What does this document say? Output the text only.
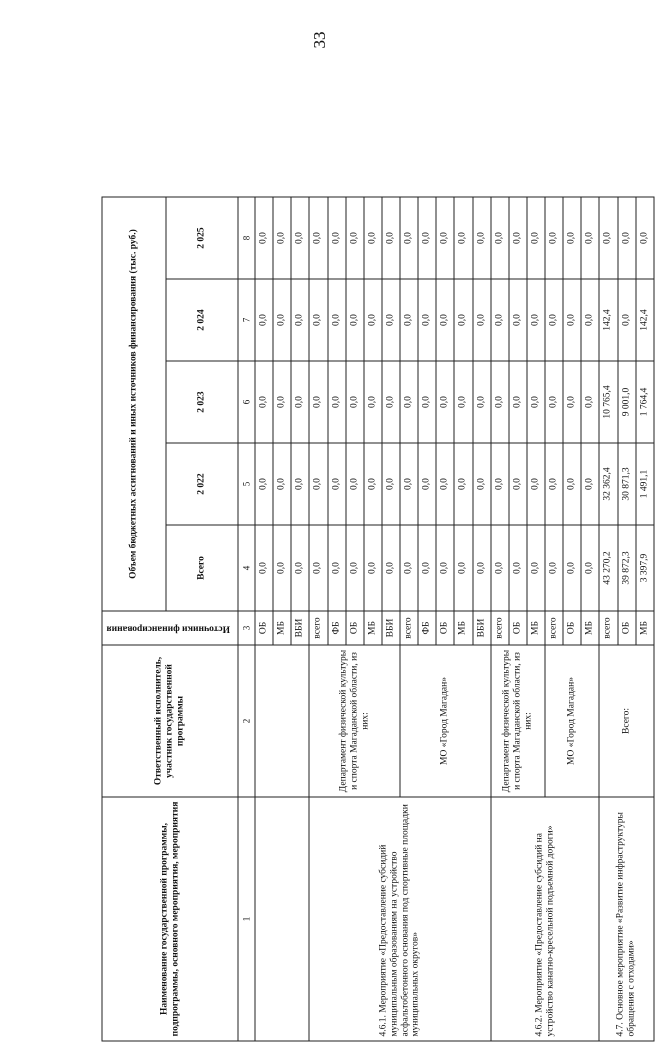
33
Наименование государственной программы, подпрограммы, основного мероприятия, мероприятия	Ответственный исполнитель, участник государственной программы	Источники финансирования	Объем бюджетных ассигнований и иных источников финансирования (тыс. руб.)				
			Всего	2 022	2 023	2 024	2 025
1	2	3	4	5	6	7	8
		ОБ	0,0	0,0	0,0	0,0	0,0
		МБ	0,0	0,0	0,0	0,0	0,0
		ВБИ	0,0	0,0	0,0	0,0	0,0
4.6.1. Мероприятие «Предоставление субсидий муниципальным образованиям на устройство асфальтобетонного основания под спортивные площадки муниципальных округов»	Департамент физической культуры и спорта Магаданской области, из них:	всего	0,0	0,0	0,0	0,0	0,0
		ФБ	0,0	0,0	0,0	0,0	0,0
		ОБ	0,0	0,0	0,0	0,0	0,0
		МБ	0,0	0,0	0,0	0,0	0,0
		ВБИ	0,0	0,0	0,0	0,0	0,0
	МО «Город Магадан»	всего	0,0	0,0	0,0	0,0	0,0
		ФБ	0,0	0,0	0,0	0,0	0,0
		ОБ	0,0	0,0	0,0	0,0	0,0
		МБ	0,0	0,0	0,0	0,0	0,0
		ВБИ	0,0	0,0	0,0	0,0	0,0
4.6.2. Мероприятие «Предоставление субсидий на устройство канатно-кресельной подъемной дороги»	Департамент физической культуры и спорта Магаданской области, из них:	всего	0,0	0,0	0,0	0,0	0,0
		ОБ	0,0	0,0	0,0	0,0	0,0
		МБ	0,0	0,0	0,0	0,0	0,0
	МО «Город Магадан»	всего	0,0	0,0	0,0	0,0	0,0
		ОБ	0,0	0,0	0,0	0,0	0,0
		МБ	0,0	0,0	0,0	0,0	0,0
4.7. Основное мероприятие «Развитие инфраструктуры обращения с отходами»	Всего:	всего	43 270,2	32 362,4	10 765,4	142,4	0,0
		ОБ	39 872,3	30 871,3	9 001,0	0,0	0,0
		МБ	3 397,9	1 491,1	1 764,4	142,4	0,0
